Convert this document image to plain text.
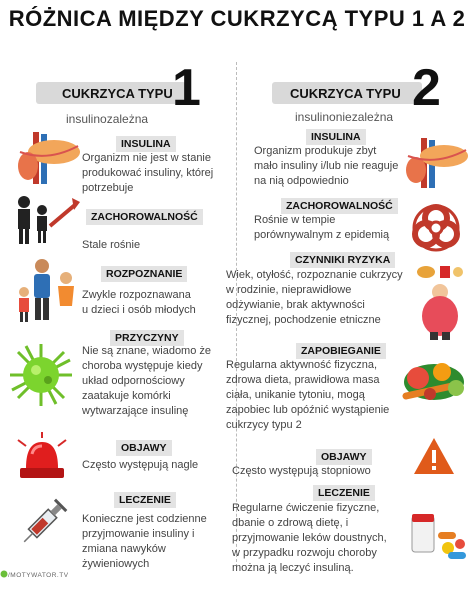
RÓŻNICA MIĘDZY CUKRZYCĄ TYPU 1 A 2
CUKRZYCA TYPU 1
insulinozależna
CUKRZYCA TYPU 2
insulinoniezależna
INSULINA
Organizm nie jest w stanie
produkować insuliny, której
potrzebuje
ZACHOROWALNOŚĆ
Stale rośnie
ROZPOZNANIE
Zwykle rozpoznawana
u dzieci i osób młodych
PRZYCZYNY
Nie są znane, wiadomo że
choroba występuje kiedy
układ odpornościowy
zaatakuje komórki
wytwarzające insulinę
OBJAWY
Często występują nagle
LECZENIE
Konieczne jest codzienne
przyjmowanie insuliny i
zmiana nawyków
żywieniowych
INSULINA
Organizm produkuje zbyt
mało insuliny i/lub nie reaguje
na nią odpowiednio
ZACHOROWALNOŚĆ
Rośnie w tempie
porównywalnym z epidemią
CZYNNIKI RYZYKA
Wiek, otyłość, rozpoznanie cukrzycy
w rodzinie, nieprawidłowe
odżywianie, brak aktywności
fizycznej, pochodzenie etniczne
ZAPOBIEGANIE
Regularna aktywność fizyczna,
zdrowa dieta, prawidłowa masa
ciała, unikanie tytoniu, mogą
zapobiec lub opóźnić wystąpienie
cukrzycy typu 2
OBJAWY
Często występują stopniowo
LECZENIE
Regularne ćwiczenie fizyczne,
dbanie o zdrową dietę, i
przyjmowanie leków doustnych,
w przypadku rozwoju choroby
można ją leczyć insuliną.
/MOTYWATOR.TV
